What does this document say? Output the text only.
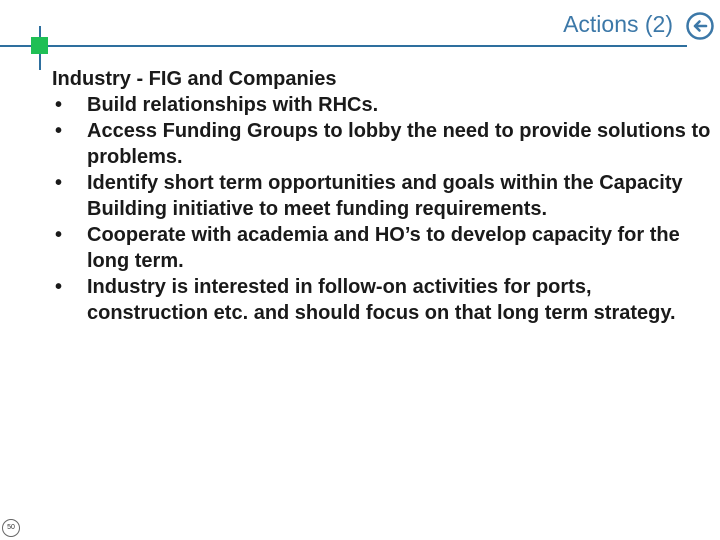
Actions (2)

Industry - FIG and Companies

• Build relationships with RHCs.
• Access Funding Groups to lobby the need to provide solutions to problems.
• Identify short term opportunities and goals within the Capacity Building initiative to meet funding requirements.
• Cooperate with academia and HO’s to develop capacity for the long term.
• Industry is interested in follow-on activities for ports, construction etc. and should focus on that long term strategy.
50
